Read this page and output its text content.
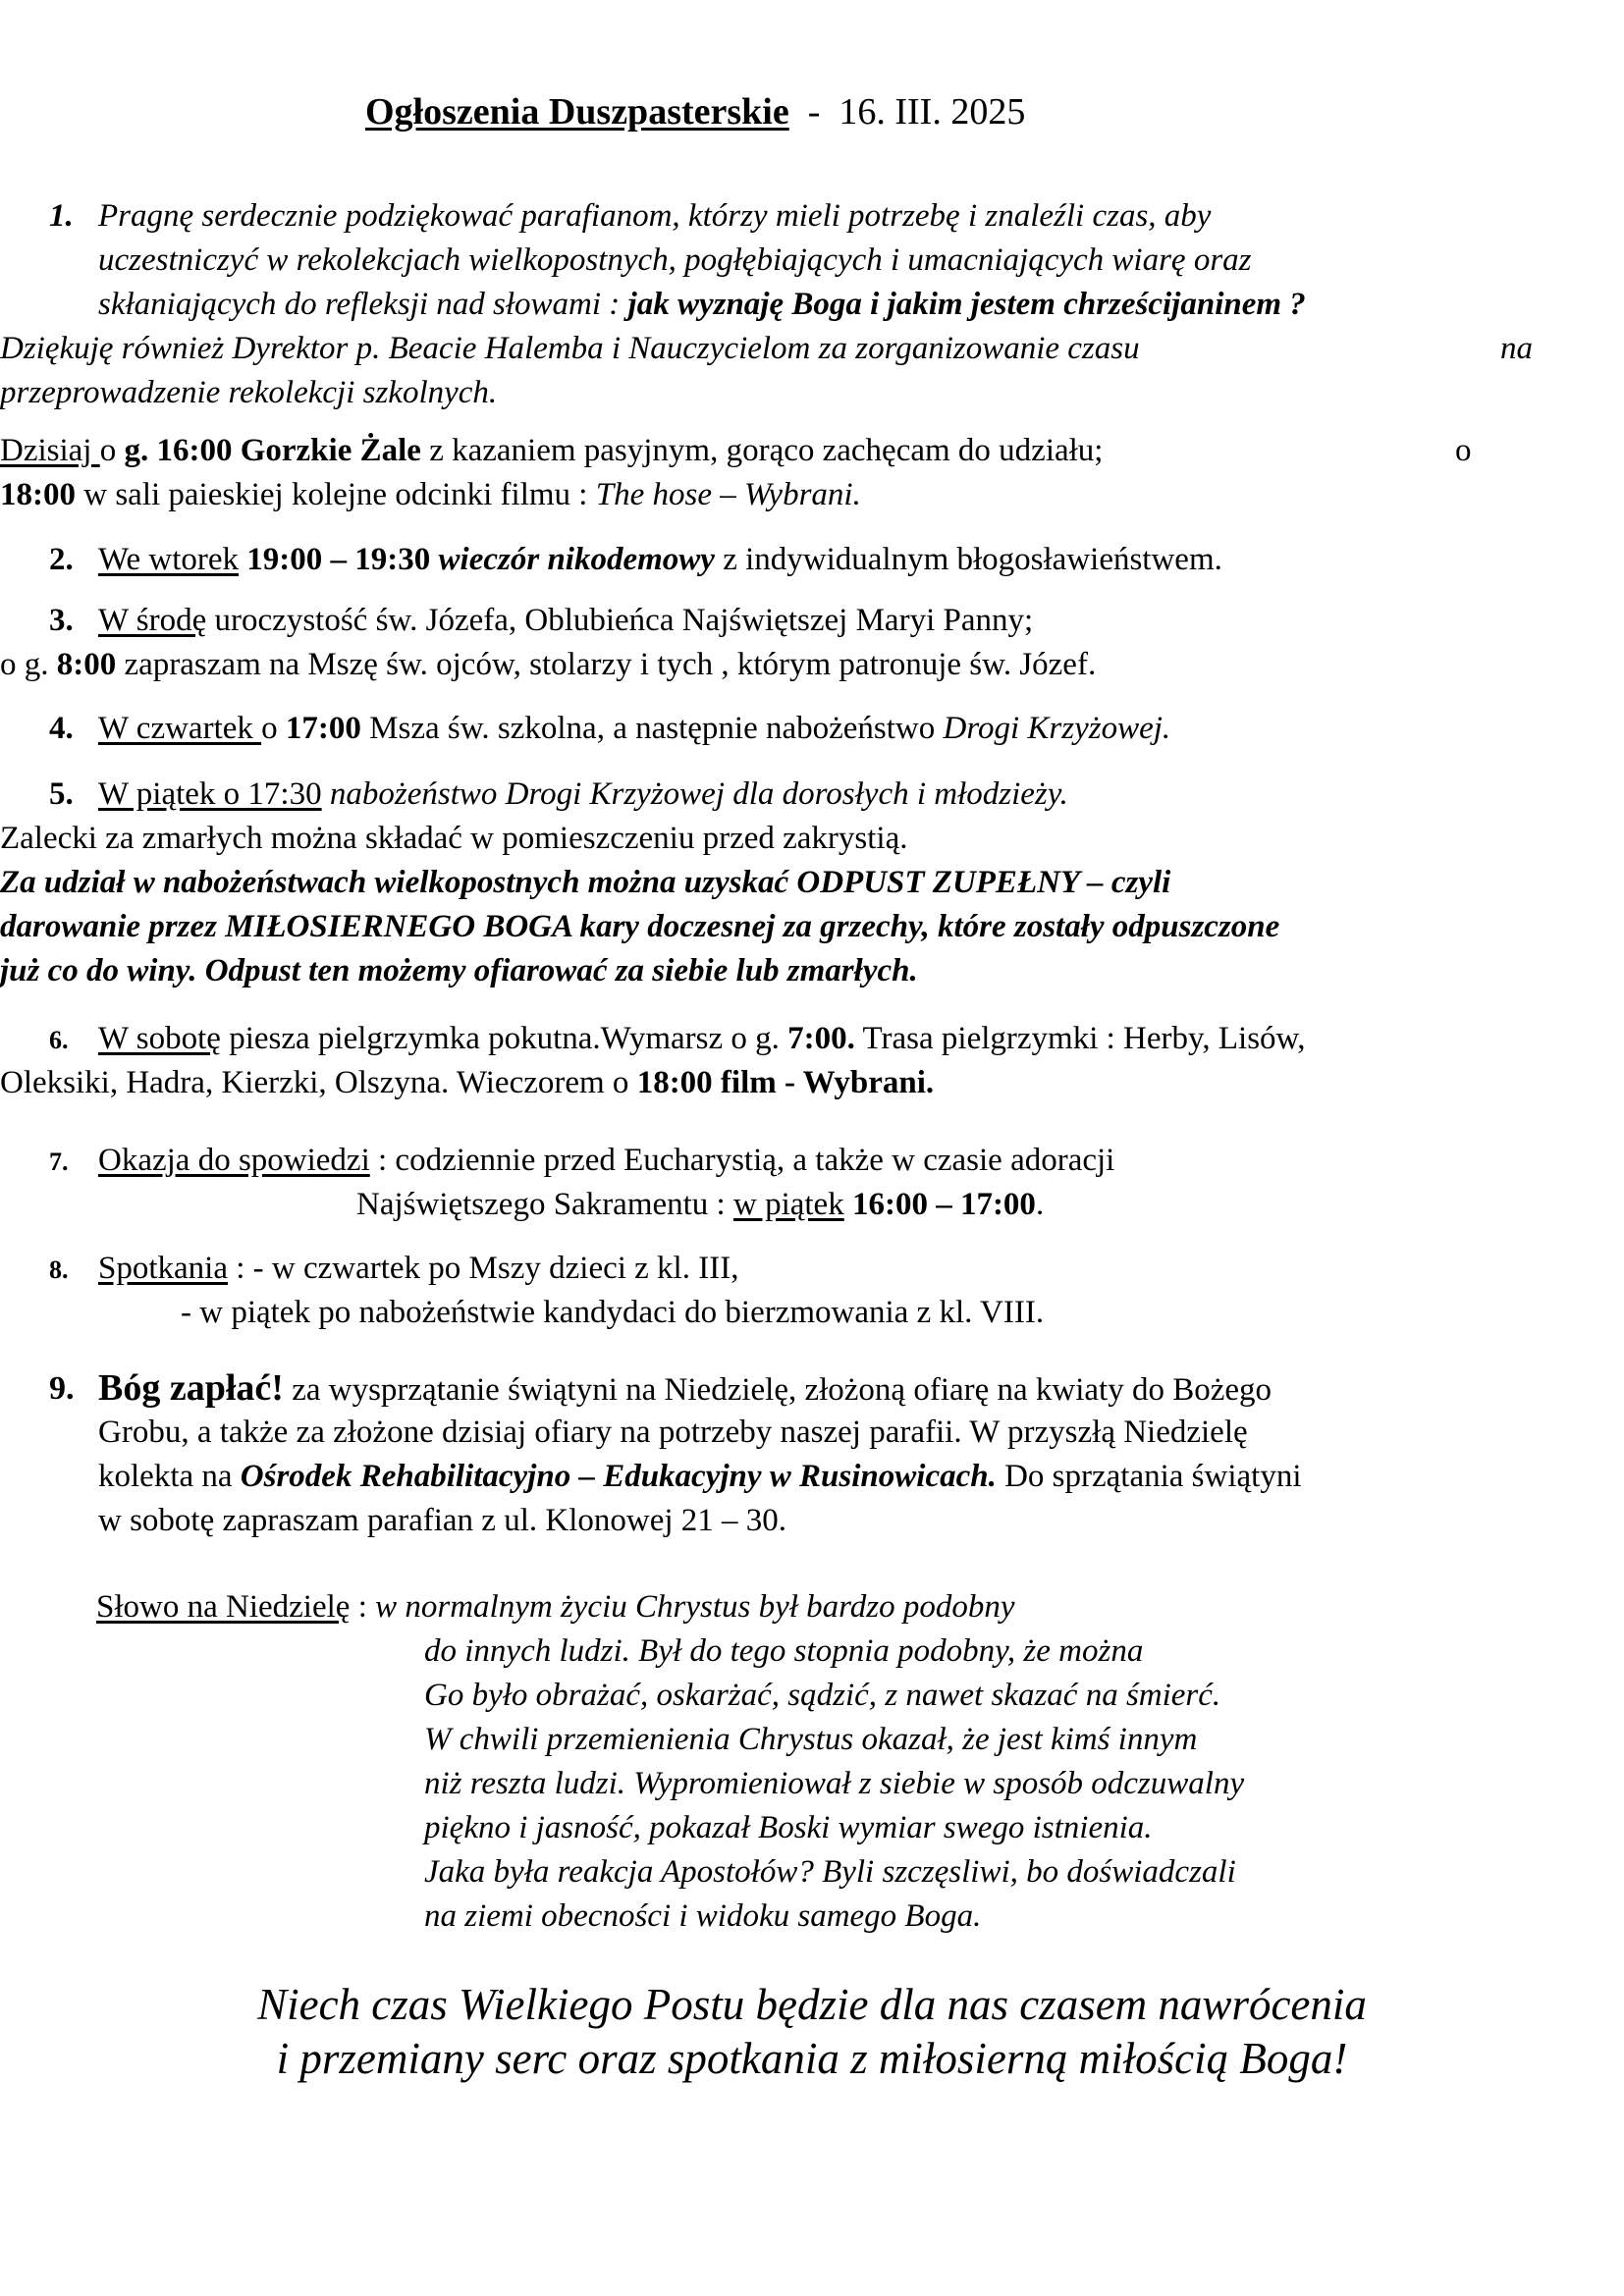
Ogłoszenia Duszpasterskie  -  16. III. 2025
1. Pragnę serdecznie podziękować parafianom, którzy mieli potrzebę i znaleźli czas, aby
uczestniczyć w rekolekcjach wielkopostnych, pogłębiających i umacniających wiarę oraz
skłaniających do refleksji nad słowami : jak wyznaję Boga i jakim jestem chrześcijaninem ?
Dziękuję również Dyrektor p. Beacie Halemba i Nauczycielom za zorganizowanie czasu	na
przeprowadzenie rekolekcji szkolnych.
Dzisiaj o g. 16:00 Gorzkie Żale z kazaniem pasyjnym, gorąco zachęcam do udziału;	o
18:00 w sali paieskiej kolejne odcinki filmu : The hose – Wybrani.
2. We wtorek 19:00 – 19:30 wieczór nikodemowy z indywidualnym błogosławieństwem.
3. W środę uroczystość św. Józefa, Oblubieńca Najświętszej Maryi Panny;
o g. 8:00 zapraszam na Mszę św. ojców, stolarzy i tych , którym patronuje św. Józef.
4. W czwartek o 17:00 Msza św. szkolna, a następnie nabożeństwo Drogi Krzyżowej.
5. W piątek o 17:30 nabożeństwo Drogi Krzyżowej dla dorosłych i młodzieży.
Zalecki za zmarłych można składać w pomieszczeniu przed zakrystią.
Za udział w nabożeństwach wielkopostnych można uzyskać ODPUST ZUPEŁNY – czyli
darowanie przez MIŁOSIERNEGO BOGA kary doczesnej za grzechy, które zostały odpuszczone
już co do winy. Odpust ten możemy ofiarować za siebie lub zmarłych.
6. W sobotę piesza pielgrzymka pokutna.Wymarsz o g. 7:00. Trasa pielgrzymki : Herby, Lisów,
Oleksiki, Hadra, Kierzki, Olszyna. Wieczorem o 18:00 film - Wybrani.
7. Okazja do spowiedzi : codziennie przed Eucharystią, a także w czasie adoracji
Najświętszego Sakramentu : w piątek 16:00 – 17:00.
8. Spotkania : - w czwartek po Mszy dzieci z kl. III,
- w piątek po nabożeństwie kandydaci do bierzmowania z kl. VIII.
9. Bóg zapłać! za wysprzątanie świątyni na Niedzielę, złożoną ofiarę na kwiaty do Bożego
Grobu, a także za złożone dzisiaj ofiary na potrzeby naszej parafii. W przyszłą Niedzielę
kolekta na Ośrodek Rehabilitacyjno – Edukacyjny w Rusinowicach. Do sprzątania świątyni
w sobotę zapraszam parafian z ul. Klonowej 21 – 30.
Słowo na Niedzielę : w normalnym życiu Chrystus był bardzo podobny
do innych ludzi. Był do tego stopnia podobny, że można
Go było obrażać, oskarżać, sądzić, z nawet skazać na śmierć.
W chwili przemienienia Chrystus okazał, że jest kimś innym
niż reszta ludzi. Wypromieniował z siebie w sposób odczuwalny
piękno i jasność, pokazał Boski wymiar swego istnienia.
Jaka była reakcja Apostołów? Byli szczęsliwi, bo doświadczali
na ziemi obecności i widoku samego Boga.
Niech czas Wielkiego Postu będzie dla nas czasem nawrócenia
i przemiany serc oraz spotkania z miłosierną miłością Boga!
